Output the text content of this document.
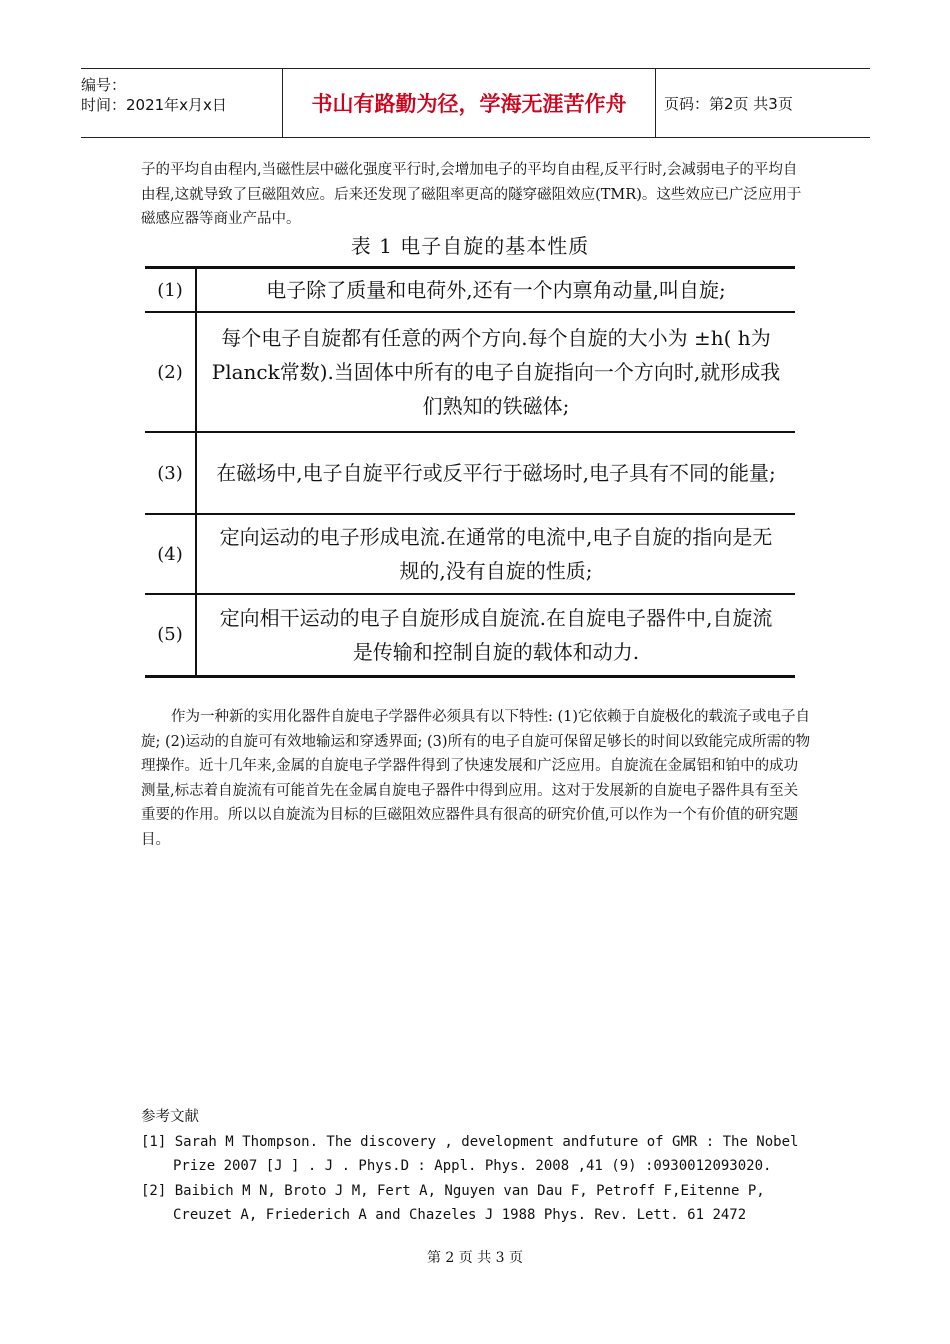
编号：
时间：2021年x月x日	书山有路勤为径，学海无涯苦作舟	页码：第2页 共3页
子的平均自由程内,当磁性层中磁化强度平行时,会增加电子的平均自由程,反平行时,会减弱电子的平均自由程,这就导致了巨磁阻效应。后来还发现了磁阻率更高的隧穿磁阻效应(TMR)。这些效应已广泛应用于磁感应器等商业产品中。
表 1 电子自旋的基本性质
(1)	电子除了质量和电荷外,还有一个内禀角动量,叫自旋;
(2)	每个电子自旋都有任意的两个方向.每个自旋的大小为 ±h( h为 Planck常数).当固体中所有的电子自旋指向一个方向时,就形成我们熟知的铁磁体;
(3)	在磁场中,电子自旋平行或反平行于磁场时,电子具有不同的能量;
(4)	定向运动的电子形成电流.在通常的电流中,电子自旋的指向是无规的,没有自旋的性质;
(5)	定向相干运动的电子自旋形成自旋流.在自旋电子器件中,自旋流是传输和控制自旋的载体和动力.
作为一种新的实用化器件自旋电子学器件必须具有以下特性: (1)它依赖于自旋极化的载流子或电子自旋; (2)运动的自旋可有效地输运和穿透界面; (3)所有的电子自旋可保留足够长的时间以致能完成所需的物理操作。近十几年来,金属的自旋电子学器件得到了快速发展和广泛应用。自旋流在金属铝和铂中的成功测量,标志着自旋流有可能首先在金属自旋电子器件中得到应用。这对于发展新的自旋电子器件具有至关重要的作用。所以以自旋流为目标的巨磁阻效应器件具有很高的研究价值,可以作为一个有价值的研究题目。
参考文献
[1] Sarah M Thompson. The discovery , development andfuture of GMR : The Nobel Prize 2007 [J ] . J . Phys.D : Appl. Phys. 2008 ,41 (9) :0930012093020.
[2] Baibich M N, Broto J M, Fert A, Nguyen van Dau F, Petroff F,Eitenne P, Creuzet A, Friederich A and Chazeles J 1988 Phys. Rev. Lett. 61 2472
第 2 页 共 3 页
